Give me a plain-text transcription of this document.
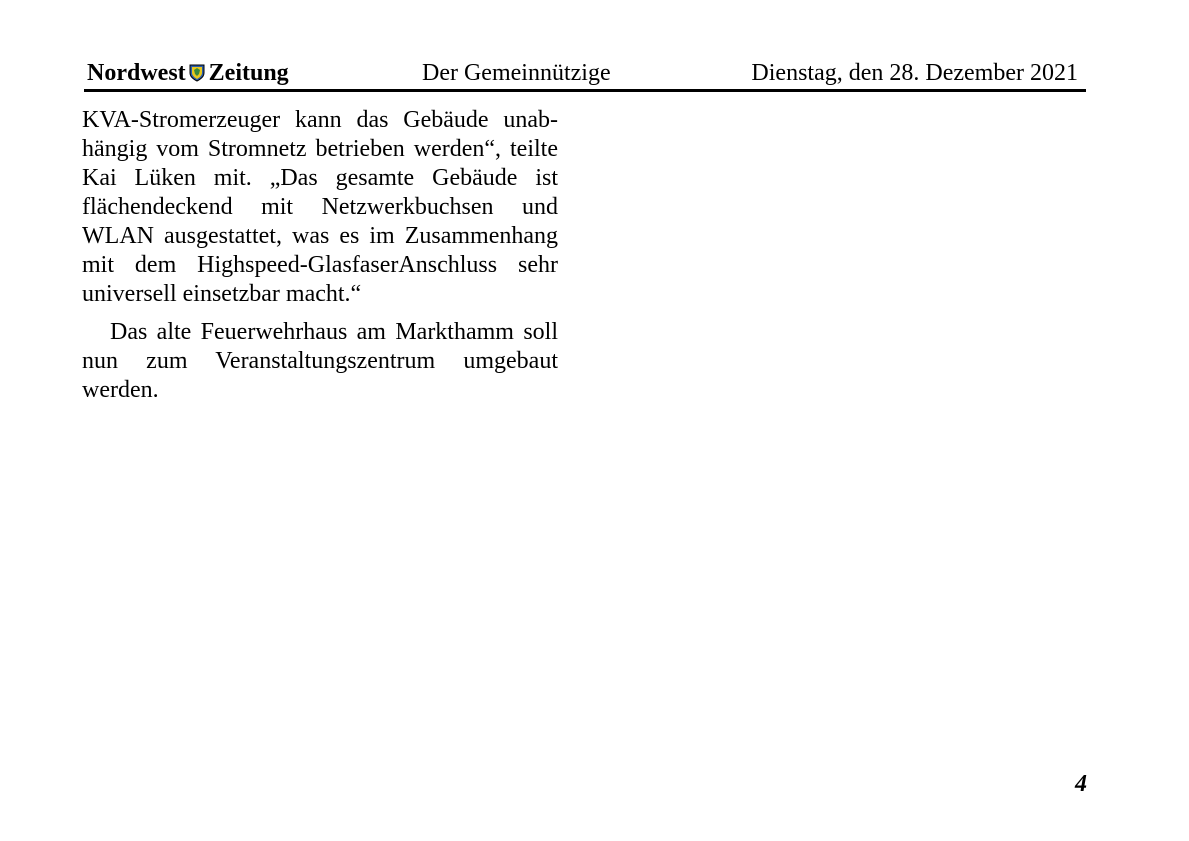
Nordwest Zeitung	Der Gemeinnützige	Dienstag, den 28. Dezember 2021

KVA-Stromerzeuger kann das Gebäude unabhängig vom Stromnetz betrieben werden“, teilte Kai Lüken mit. „Das gesamte Gebäude ist flächendeckend mit Netzwerkbuchsen und WLAN ausgestattet, was es im Zusammenhang mit dem Highspeed-GlasfaserAnschluss sehr universell einsetzbar macht.“

Das alte Feuerwehrhaus am Markthamm soll nun zum Veranstaltungszentrum umgebaut werden.

4
